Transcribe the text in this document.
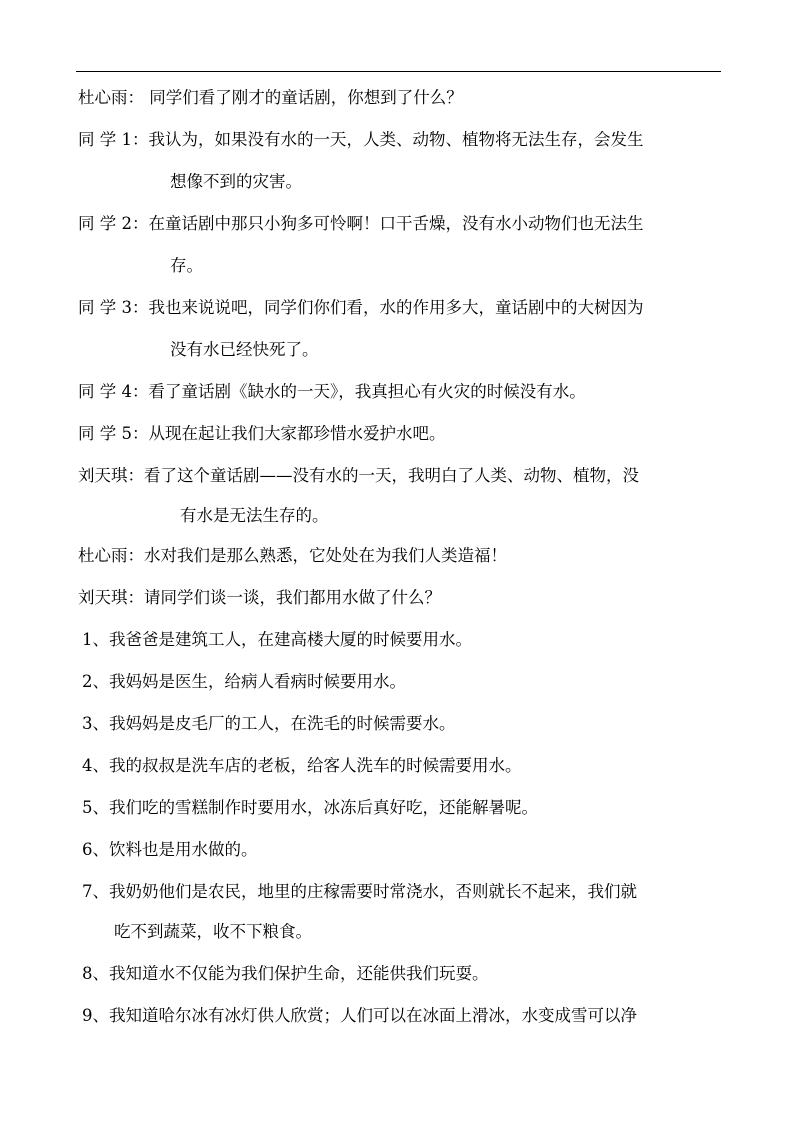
杜心雨： 同学们看了刚才的童话剧，你想到了什么？
同 学 1：我认为，如果没有水的一天，人类、动物、植物将无法生存，会发生
想像不到的灾害。
同 学 2：在童话剧中那只小狗多可怜啊！口干舌燥，没有水小动物们也无法生
存。
同 学 3：我也来说说吧，同学们你们看，水的作用多大，童话剧中的大树因为
没有水已经快死了。
同 学 4：看了童话剧《缺水的一天》，我真担心有火灾的时候没有水。
同 学 5：从现在起让我们大家都珍惜水爱护水吧。
刘天琪：看了这个童话剧——没有水的一天，我明白了人类、动物、植物，没
有水是无法生存的。
杜心雨：水对我们是那么熟悉，它处处在为我们人类造福！
刘天琪：请同学们谈一谈，我们都用水做了什么？
1、我爸爸是建筑工人，在建高楼大厦的时候要用水。
2、我妈妈是医生，给病人看病时候要用水。
3、我妈妈是皮毛厂的工人，在洗毛的时候需要水。
4、我的叔叔是洗车店的老板，给客人洗车的时候需要用水。
5、我们吃的雪糕制作时要用水，冰冻后真好吃，还能解暑呢。
6、饮料也是用水做的。
7、我奶奶他们是农民，地里的庄稼需要时常浇水，否则就长不起来，我们就
吃不到蔬菜，收不下粮食。
8、我知道水不仅能为我们保护生命，还能供我们玩耍。
9、我知道哈尔冰有冰灯供人欣赏；人们可以在冰面上滑冰，水变成雪可以净
